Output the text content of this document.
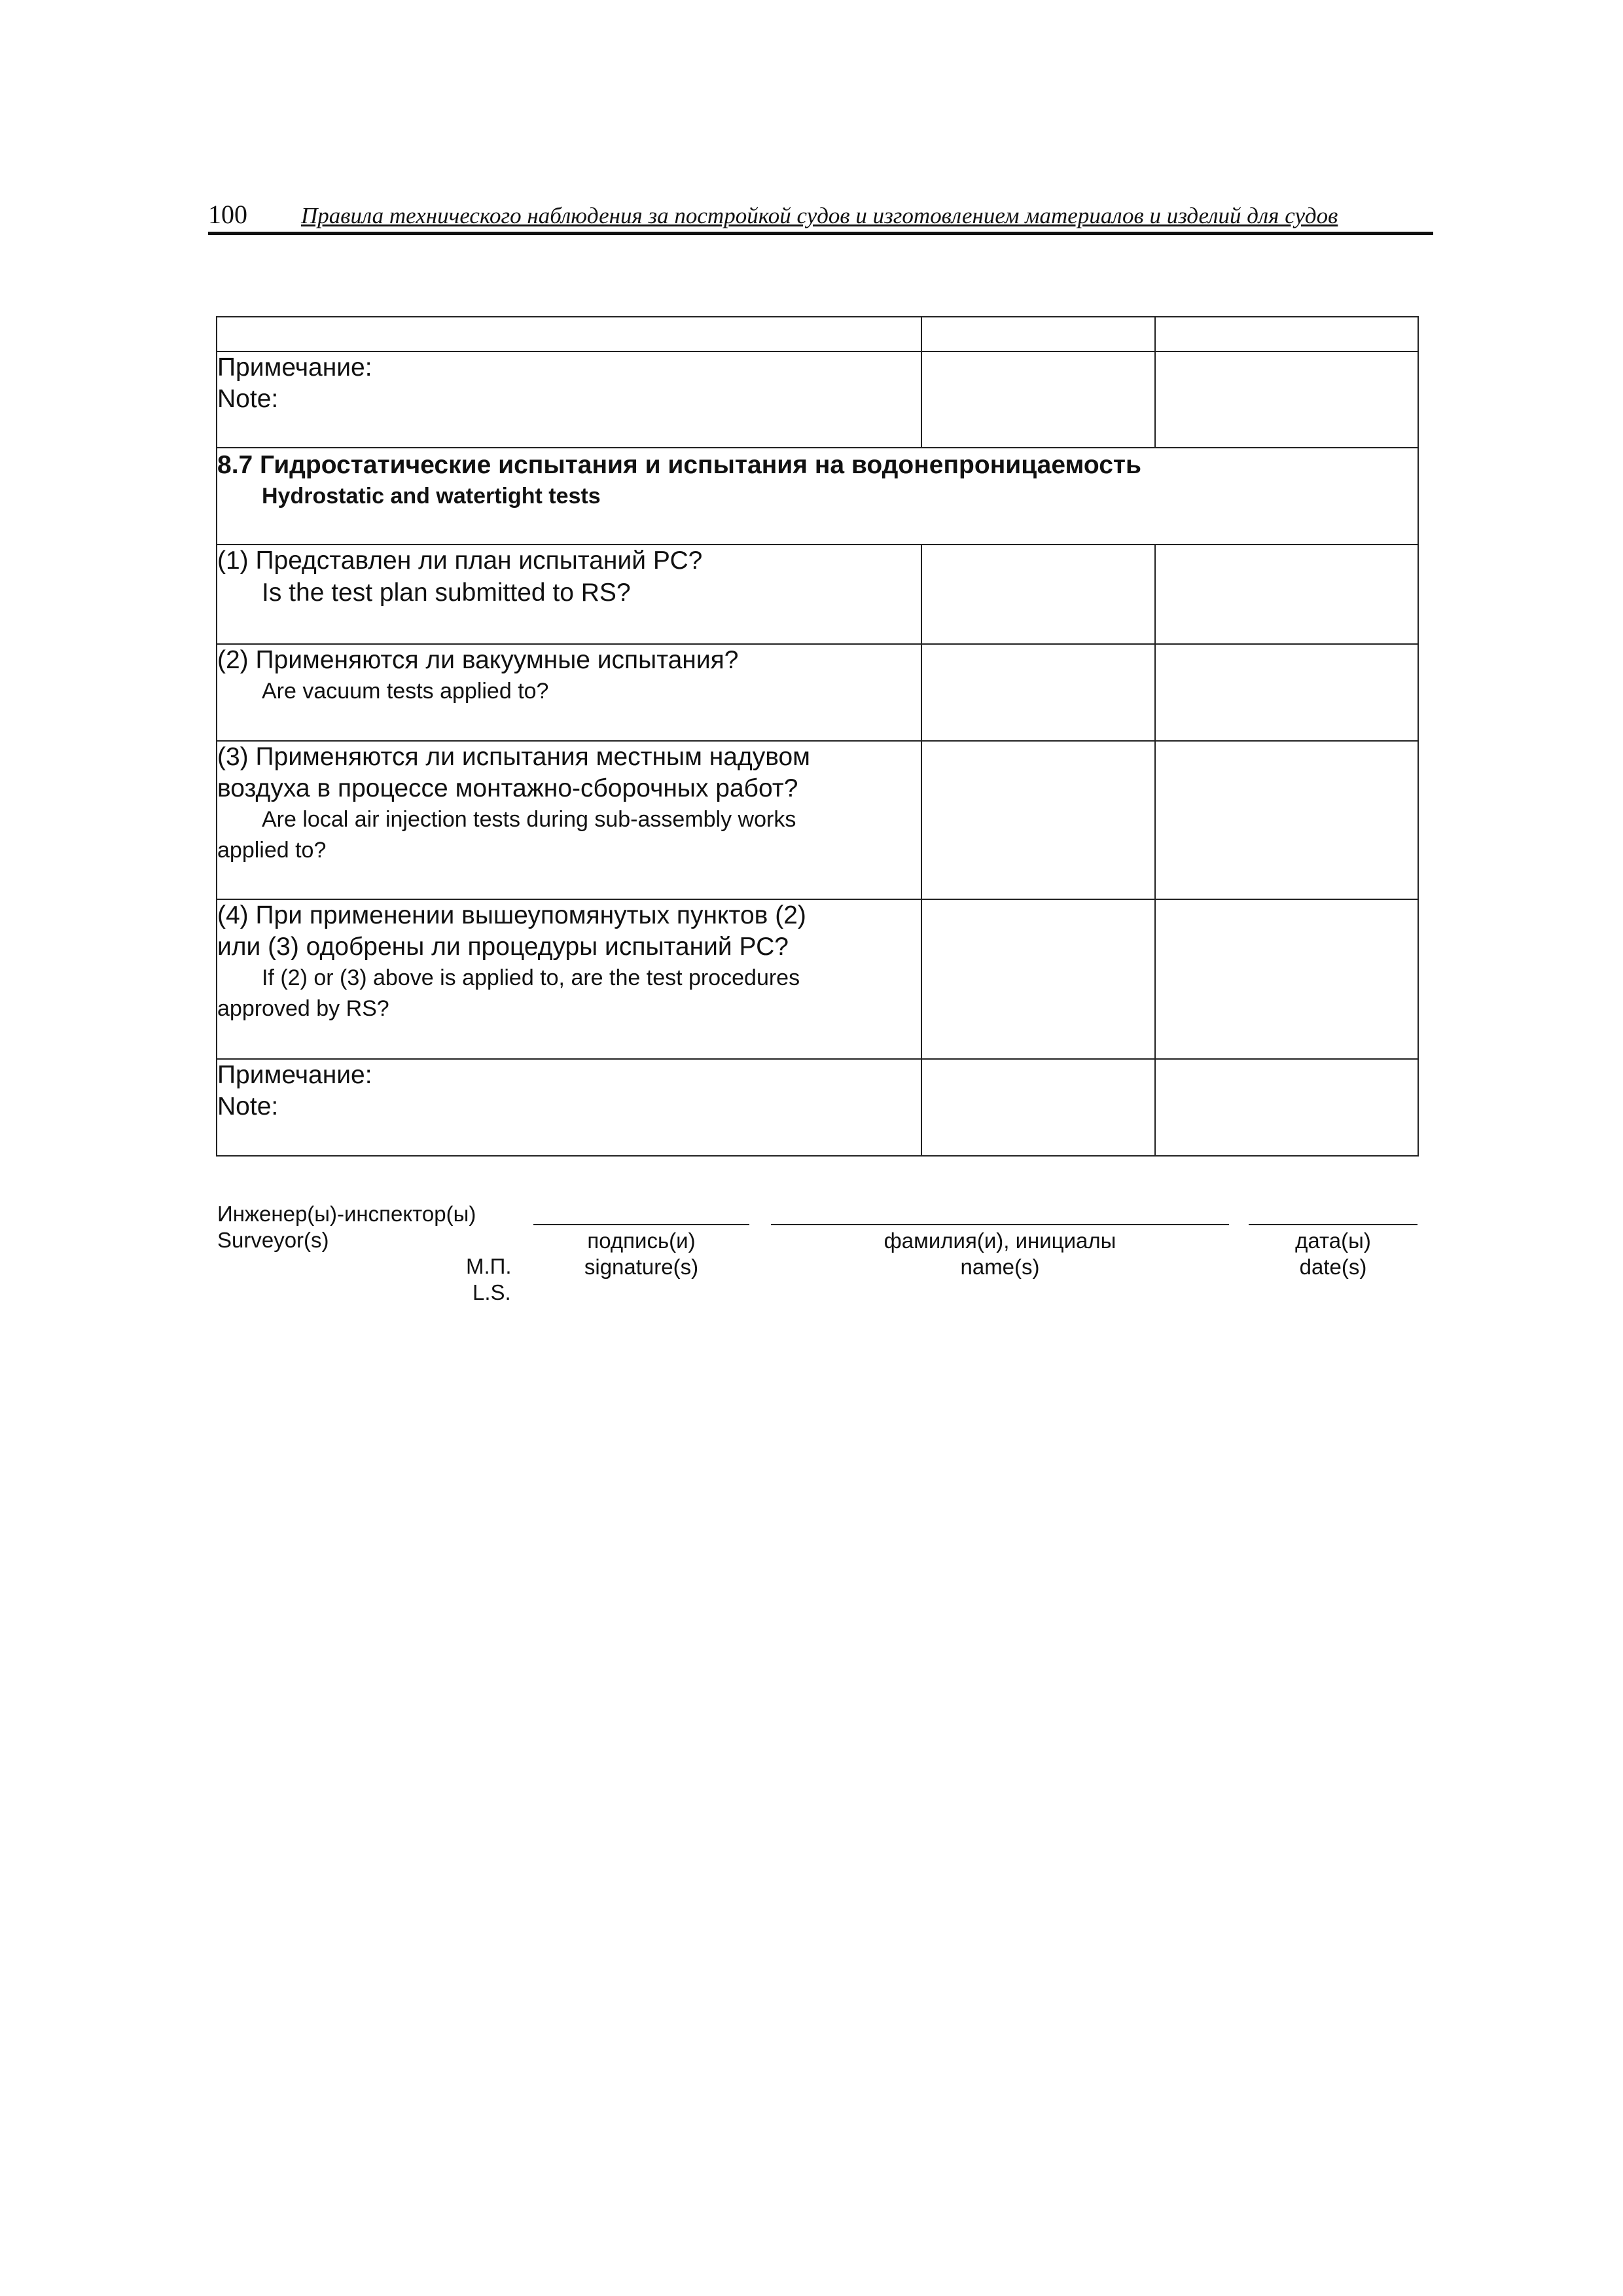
100 Правила технического наблюдения за постройкой судов и изготовлением материалов и изделий для судов

Примечание:
Note:		

8.7 Гидростатические испытания и испытания на водонепроницаемость
Hydrostatic and watertight tests		

(1) Представлен ли план испытаний РС?
Is the test plan submitted to RS?		

(2) Применяются ли вакуумные испытания?
Are vacuum tests applied to?		

(3) Применяются ли испытания местным надувом
воздуха в процессе монтажно-сборочных работ?
Are local air injection tests during sub-assembly works
applied to?		

(4) При применении вышеупомянутых пунктов (2)
или (3) одобрены ли процедуры испытаний РС?
If (2) or (3) above is applied to, are the test procedures
approved by RS?		

Примечание:
Note:		

Инженер(ы)-инспектор(ы)
Surveyor(s)
М.П.
L.S.
подпись(и)
signature(s)
фамилия(и), инициалы
name(s)
дата(ы)
date(s)
